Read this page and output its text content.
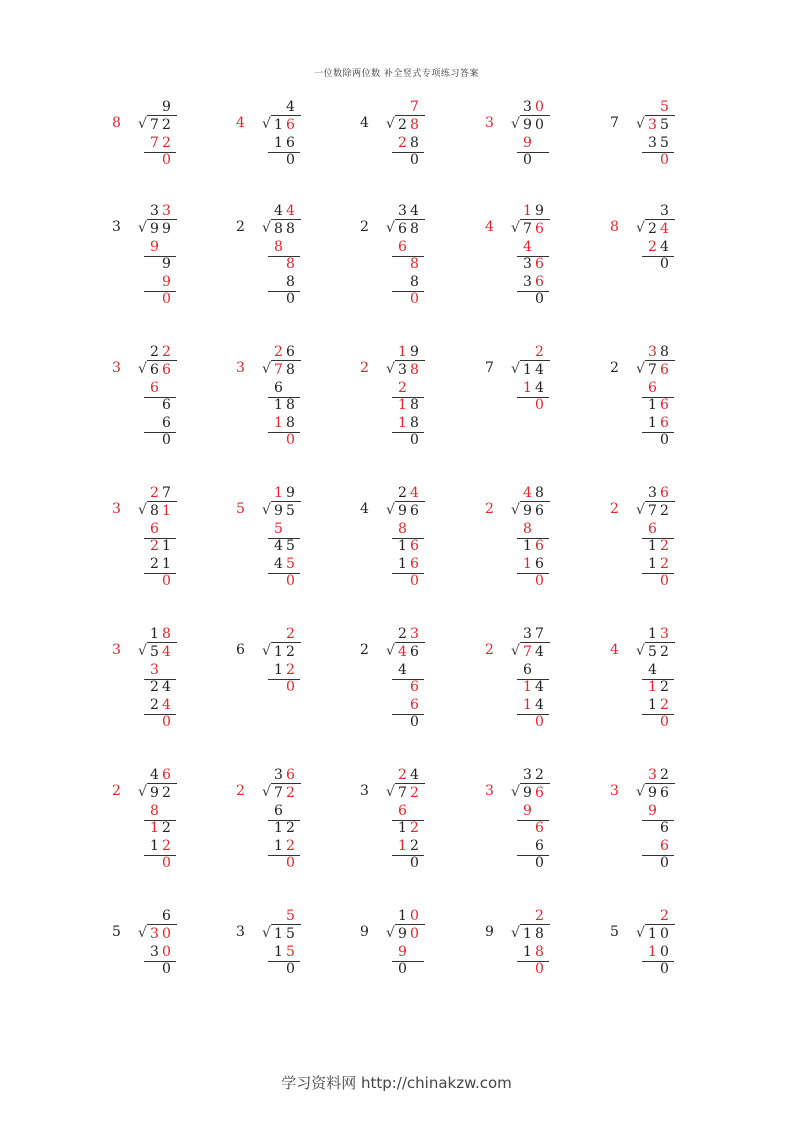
一位数除两位数 补全竖式专项练习答案
8 √
9
7 2
7 2

0
4 √
4
1 6
1 6

0
4 √
7
2 8
2 8

0
3 √
3 0
9 0
9

0

7 √
5
3 5
3 5

0
3 √
3 3
9 9
9

9

9

0
2 √
4 4
8 8
8

8

8

0
2 √
3 4
6 8
6

8

8

0
4 √
1 9
7 6
4

3 6
3 6

0
8 √
3
2 4
2 4

0
3 √
2 2
6 6
6

6

6

0
3 √
2 6
7 8
6

1 8
1 8

0
2 √
1 9
3 8
2

1 8
1 8

0
7 √
2
1 4
1 4

0
2 √
3 8
7 6
6

1 6
1 6

0
3 √
2 7
8 1
6

2 1
2 1

0
5 √
1 9
9 5
5

4 5
4 5

0
4 √
2 4
9 6
8

1 6
1 6

0
2 √
4 8
9 6
8

1 6
1 6

0
2 √
3 6
7 2
6

1 2
1 2

0
3 √
1 8
5 4
3

2 4
2 4

0
6 √
2
1 2
1 2

0
2 √
2 3
4 6
4

6

6

0
2 √
3 7
7 4
6

1 4
1 4

0
4 √
1 3
5 2
4

1 2
1 2

0
2 √
4 6
9 2
8

1 2
1 2

0
2 √
3 6
7 2
6

1 2
1 2

0
3 √
2 4
7 2
6

1 2
1 2

0
3 √
3 2
9 6
9

6

6

0
3 √
3 2
9 6
9

6

6

0
5 √
6
3 0
3 0

0
3 √
5
1 5
1 5

0
9 √
1 0
9 0
9

0

9 √
2
1 8
1 8

0
5 √
2
1 0
1 0

0
学习资料网 http://chinakzw.com
